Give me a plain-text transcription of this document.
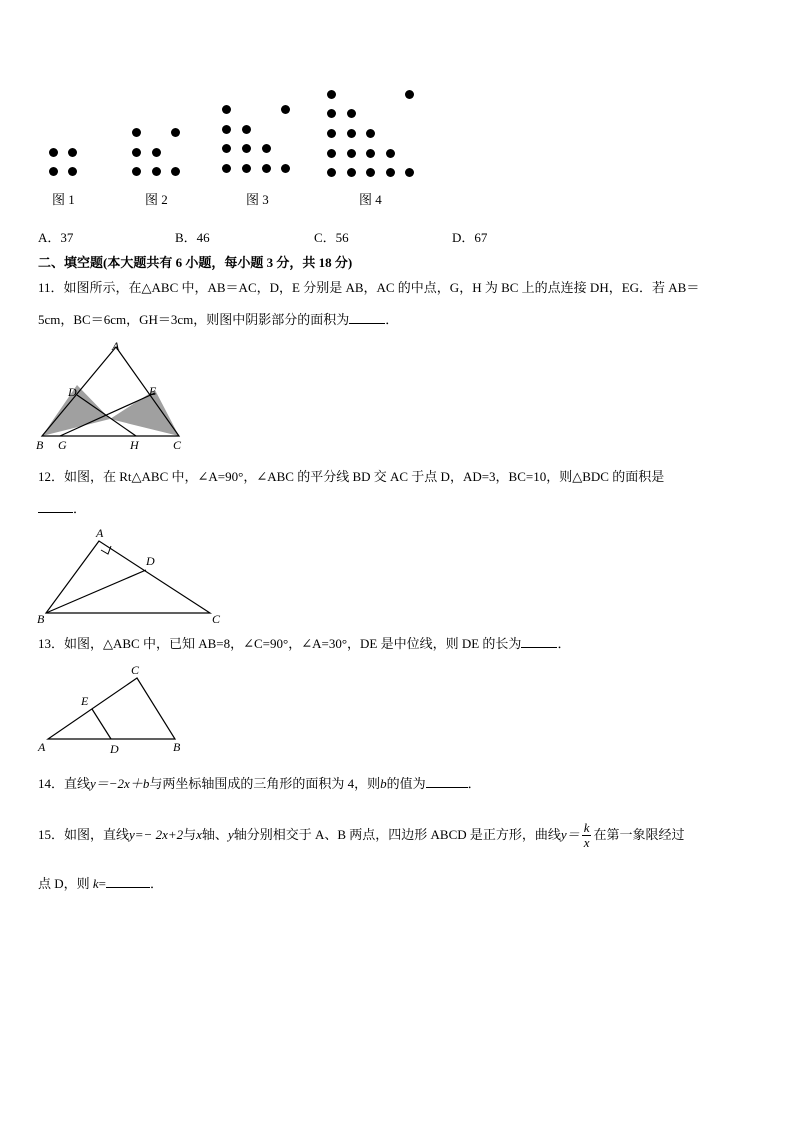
图 1	图 2	图 3	图 4
A．37	B．46	C．56	D．67
二、填空题(本大题共有 6 小题，每小题 3 分，共 18 分)
11．如图所示，在△ABC 中，AB＝AC，D，E 分别是 AB，AC 的中点，G，H 为 BC 上的点连接 DH，EG．若 AB＝
5cm，BC＝6cm，GH＝3cm，则图中阴影部分的面积为	．
A
D	E
B G	H	C
12．如图，在 Rt△ABC 中，∠A=90°，∠ABC 的平分线 BD 交 AC 于点 D，AD=3，BC=10，则△BDC 的面积是
．
A
D
B	C
13．如图，△ABC 中，已知 AB=8，∠C=90°，∠A=30°，DE 是中位线，则 DE 的长为	．
C
E
A	D	B
14．直线y＝−2x＋b与两坐标轴围成的三角形的面积为 4，则b的值为	．
15．如图，直线 y=− 2x+2 与 x 轴、 y 轴分别相交于 A、B 两点，四边形 ABCD 是正方形，曲线 $y= \frac{k}{x}$ 在第一象限经过
点 D，则 k=	．
